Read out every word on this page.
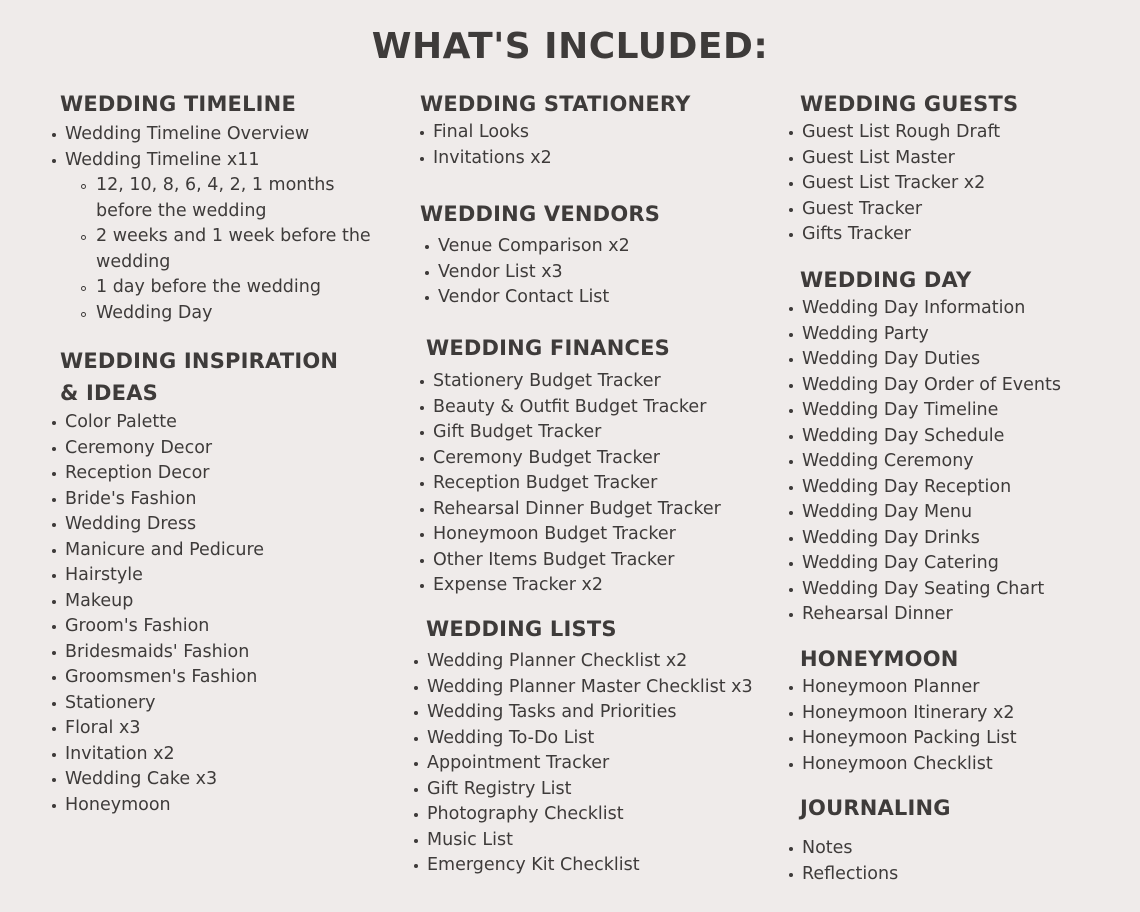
WHAT'S INCLUDED:
WEDDING TIMELINE
Wedding Timeline Overview
Wedding Timeline x11
12, 10, 8, 6, 4, 2, 1 months before the wedding
2 weeks and 1 week before the wedding
1 day before the wedding
Wedding Day
WEDDING INSPIRATION
& IDEAS
Color Palette
Ceremony Decor
Reception Decor
Bride's Fashion
Wedding Dress
Manicure and Pedicure
Hairstyle
Makeup
Groom's Fashion
Bridesmaids' Fashion
Groomsmen's Fashion
Stationery
Floral x3
Invitation x2
Wedding Cake x3
Honeymoon
WEDDING STATIONERY
Final Looks
Invitations x2
WEDDING VENDORS
Venue Comparison x2
Vendor List x3
Vendor Contact List
WEDDING FINANCES
Stationery Budget Tracker
Beauty & Outfit Budget Tracker
Gift Budget Tracker
Ceremony Budget Tracker
Reception Budget Tracker
Rehearsal Dinner Budget Tracker
Honeymoon Budget Tracker
Other Items Budget Tracker
Expense Tracker x2
WEDDING LISTS
Wedding Planner Checklist x2
Wedding Planner Master Checklist x3
Wedding Tasks and Priorities
Wedding To-Do List
Appointment Tracker
Gift Registry List
Photography Checklist
Music List
Emergency Kit Checklist
WEDDING GUESTS
Guest List Rough Draft
Guest List Master
Guest List Tracker x2
Guest Tracker
Gifts Tracker
WEDDING DAY
Wedding Day Information
Wedding Party
Wedding Day Duties
Wedding Day Order of Events
Wedding Day Timeline
Wedding Day Schedule
Wedding Ceremony
Wedding Day Reception
Wedding Day Menu
Wedding Day Drinks
Wedding Day Catering
Wedding Day Seating Chart
Rehearsal Dinner
HONEYMOON
Honeymoon Planner
Honeymoon Itinerary x2
Honeymoon Packing List
Honeymoon Checklist
JOURNALING
Notes
Reflections
